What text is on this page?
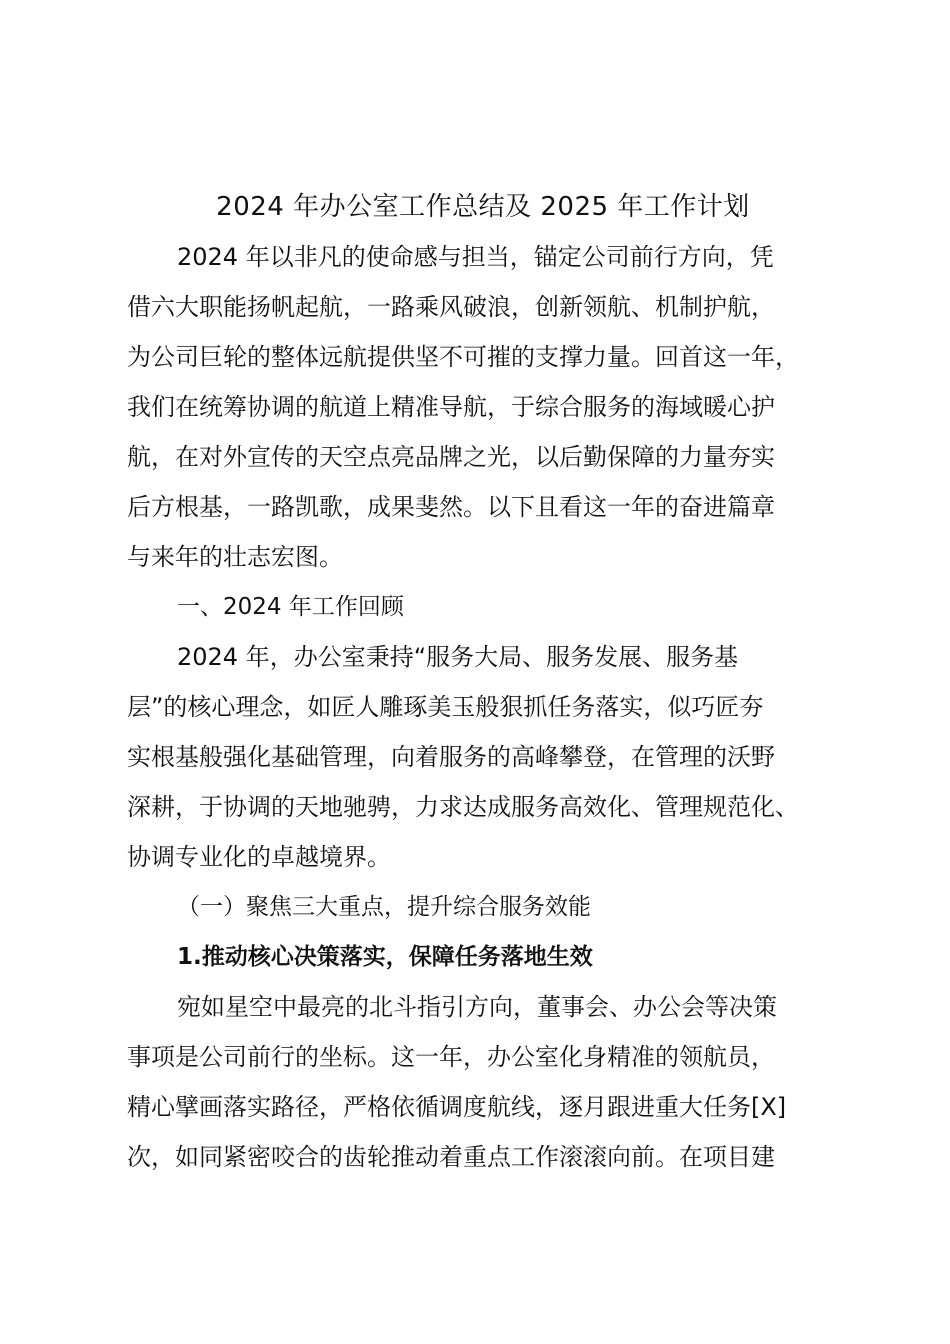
2024 年办公室工作总结及 2025 年工作计划

2024 年以非凡的使命感与担当，锚定公司前行方向，凭
借六大职能扬帆起航，一路乘风破浪，创新领航、机制护航，
为公司巨轮的整体远航提供坚不可摧的支撑力量。回首这一年，
我们在统筹协调的航道上精准导航，于综合服务的海域暖心护
航，在对外宣传的天空点亮品牌之光，以后勤保障的力量夯实
后方根基，一路凯歌，成果斐然。以下且看这一年的奋进篇章
与来年的壮志宏图。

一、2024 年工作回顾

2024 年，办公室秉持“服务大局、服务发展、服务基
层”的核心理念，如匠人雕琢美玉般狠抓任务落实，似巧匠夯
实根基般强化基础管理，向着服务的高峰攀登，在管理的沃野
深耕，于协调的天地驰骋，力求达成服务高效化、管理规范化、
协调专业化的卓越境界。

（一）聚焦三大重点，提升综合服务效能

1.推动核心决策落实，保障任务落地生效

宛如星空中最亮的北斗指引方向，董事会、办公会等决策
事项是公司前行的坐标。这一年，办公室化身精准的领航员，
精心擘画落实路径，严格依循调度航线，逐月跟进重大任务[X]
次，如同紧密咬合的齿轮推动着重点工作滚滚向前。在项目建
